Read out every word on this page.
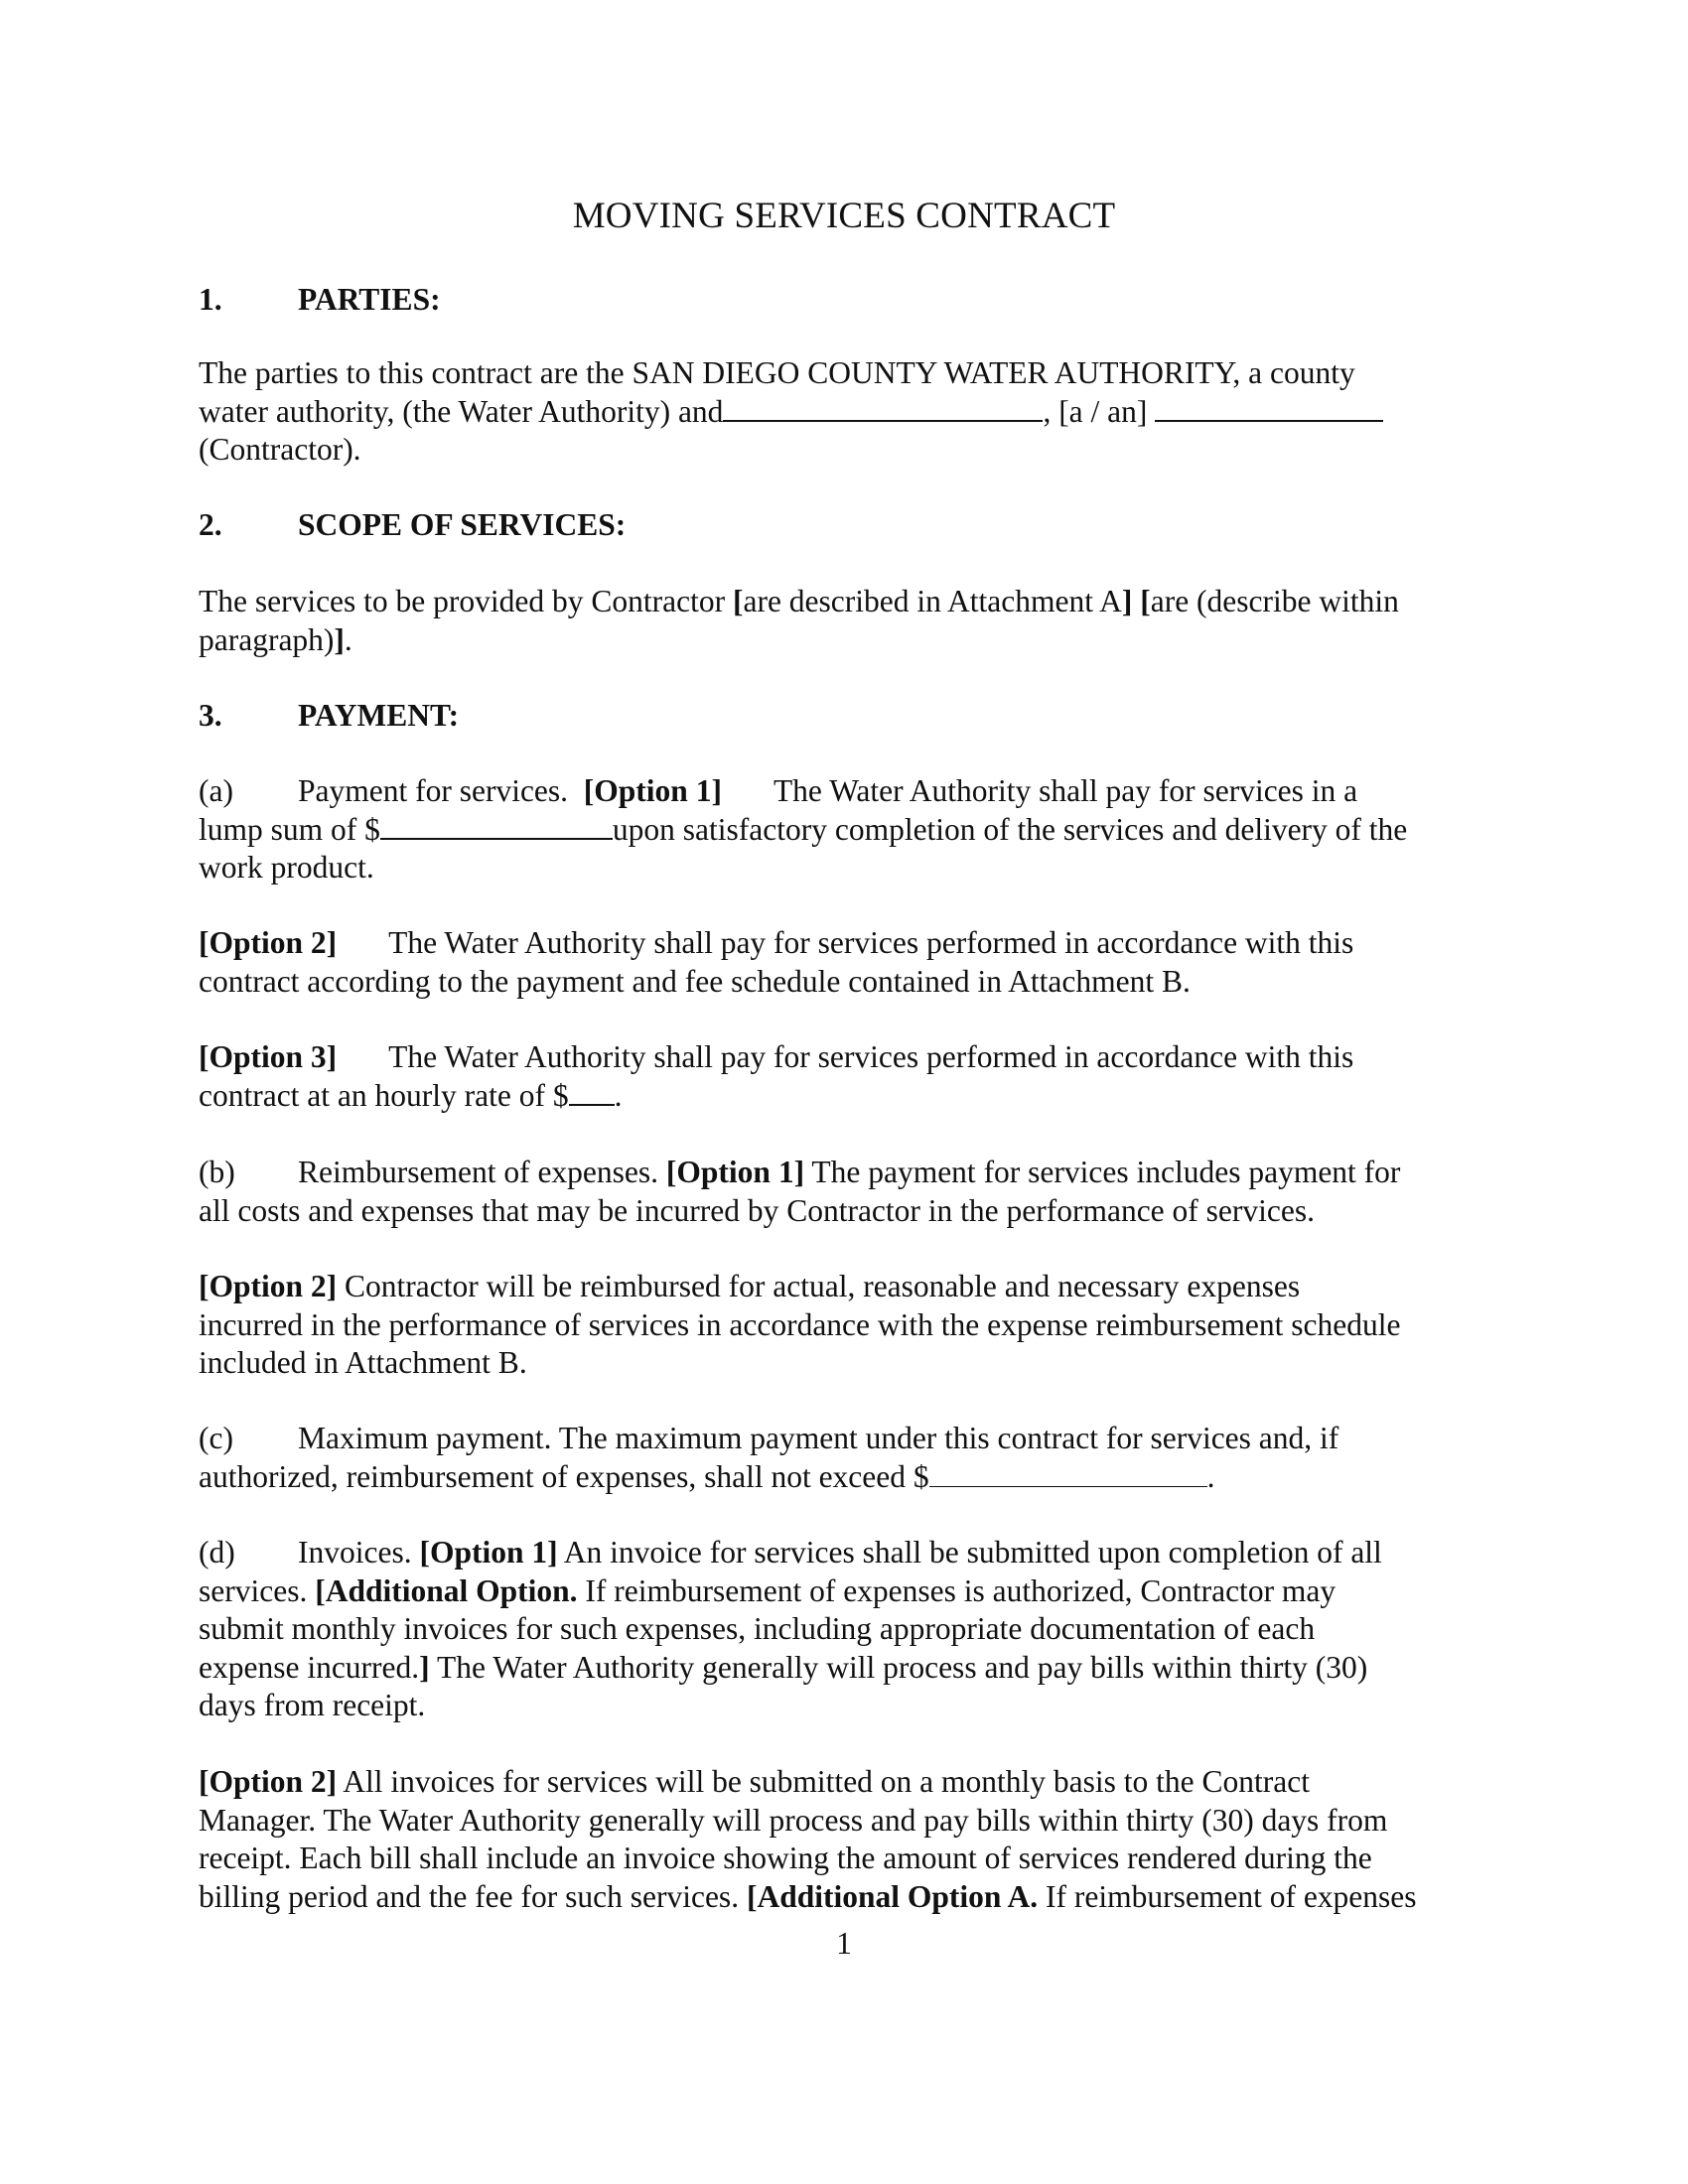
MOVING SERVICES CONTRACT
1. PARTIES:
The parties to this contract are the SAN DIEGO COUNTY WATER AUTHORITY, a county
water authority, (the Water Authority) and	, [a / an]
(Contractor).
2. SCOPE OF SERVICES:
The services to be provided by Contractor [are described in Attachment A] [are (describe within
paragraph)].
3. PAYMENT:
(a) Payment for services. [Option 1] The Water Authority shall pay for services in a
lump sum of $	upon satisfactory completion of the services and delivery of the
work product.
[Option 2] The Water Authority shall pay for services performed in accordance with this
contract according to the payment and fee schedule contained in Attachment B.
[Option 3] The Water Authority shall pay for services performed in accordance with this
contract at an hourly rate of $ .
(b) Reimbursement of expenses. [Option 1] The payment for services includes payment for
all costs and expenses that may be incurred by Contractor in the performance of services.
[Option 2] Contractor will be reimbursed for actual, reasonable and necessary expenses
incurred in the performance of services in accordance with the expense reimbursement schedule
included in Attachment B.
(c) Maximum payment. The maximum payment under this contract for services and, if
authorized, reimbursement of expenses, shall not exceed $	.
(d) Invoices. [Option 1] An invoice for services shall be submitted upon completion of all
services. [Additional Option. If reimbursement of expenses is authorized, Contractor may
submit monthly invoices for such expenses, including appropriate documentation of each
expense incurred.] The Water Authority generally will process and pay bills within thirty (30)
days from receipt.
[Option 2] All invoices for services will be submitted on a monthly basis to the Contract
Manager. The Water Authority generally will process and pay bills within thirty (30) days from
receipt. Each bill shall include an invoice showing the amount of services rendered during the
billing period and the fee for such services. [Additional Option A. If reimbursement of expenses
1
